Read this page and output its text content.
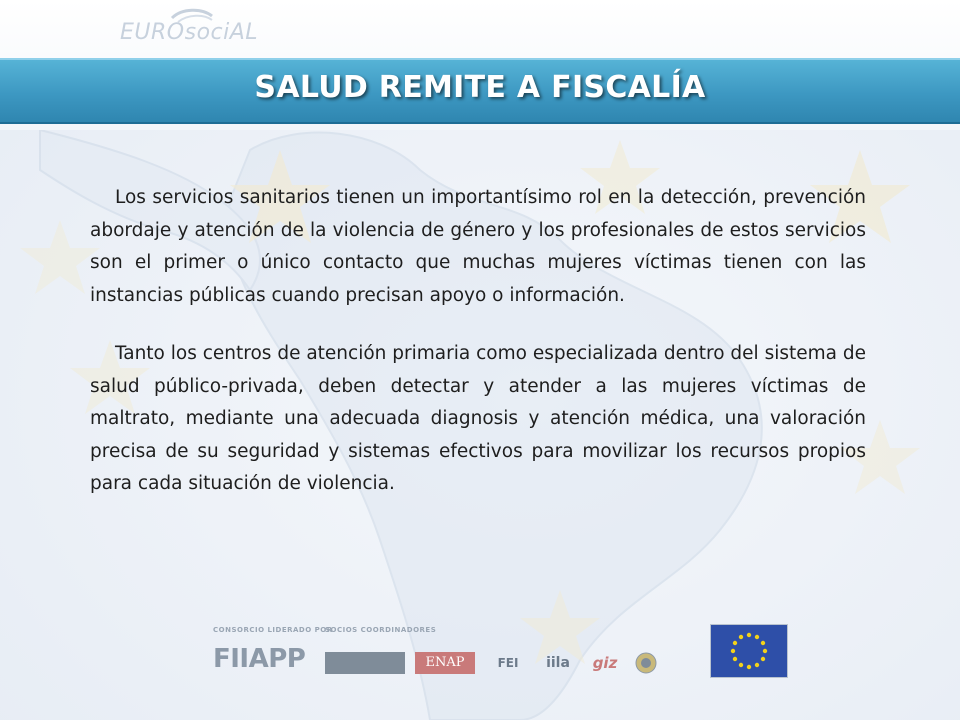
EUROsociAL
SALUD REMITE A FISCALÍA

Los servicios sanitarios tienen un importantísimo rol en la detección, prevención abordaje y atención de la violencia de género y los profesionales de estos servicios son el primer o único contacto que muchas mujeres víctimas tienen con las instancias públicas cuando precisan apoyo o información.

Tanto los centros de atención primaria como especializada dentro del sistema de salud público-privada, deben detectar y atender a las mujeres víctimas de maltrato, mediante una adecuada diagnosis y atención médica, una valoración precisa de su seguridad y sistemas efectivos para movilizar los recursos propios para cada situación de violencia.

CONSORCIO LIDERADO POR
SOCIOS COORDINADORES
FIIAPP	ENAP	FEI	iila	giz
